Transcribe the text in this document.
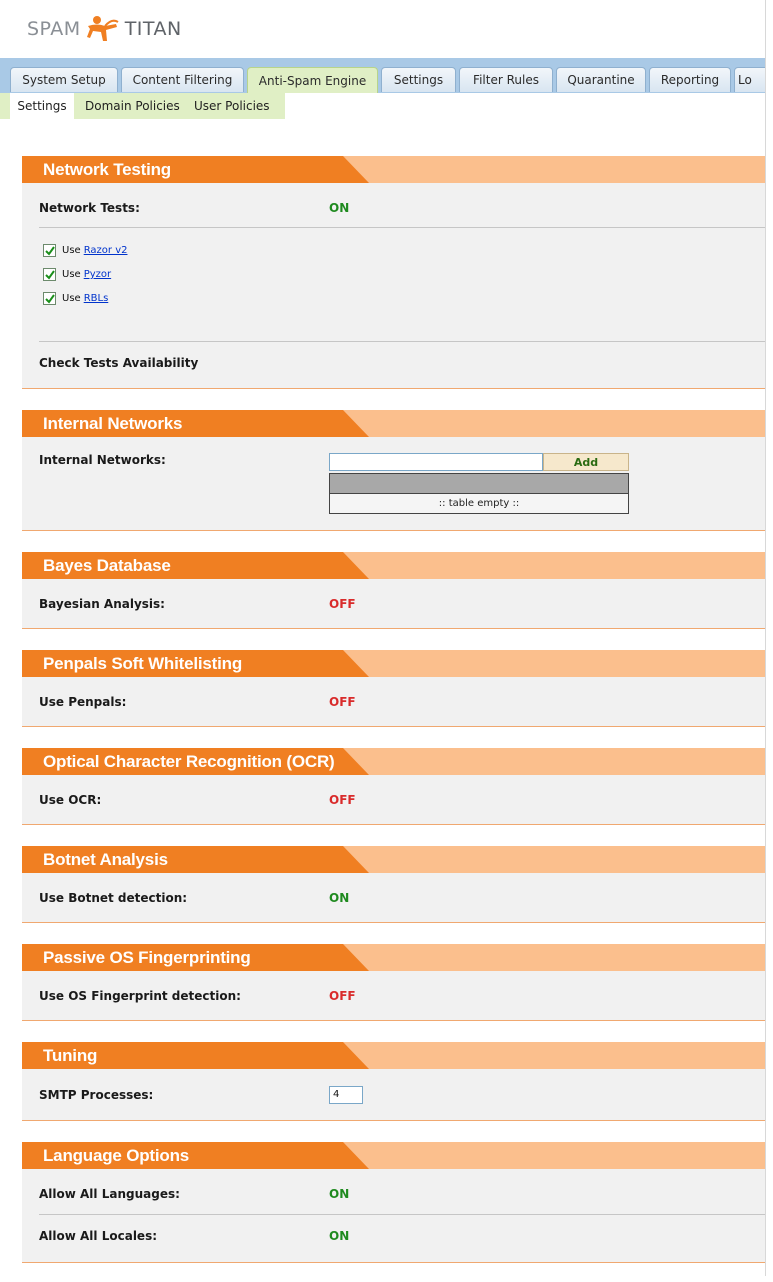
SPAM TITAN
System Setup	Content Filtering	Anti-Spam Engine	Settings	Filter Rules	Quarantine	Reporting	Lo
Settings	Domain Policies User Policies
Network Testing
Network Tests:	ON
Use Razor v2
Use Pyzor
Use RBLs
Check Tests Availability
Internal Networks
Internal Networks:	Add
:: table empty ::
Bayes Database
Bayesian Analysis:	OFF
Penpals Soft Whitelisting
Use Penpals:	OFF
Optical Character Recognition (OCR)
Use OCR:	OFF
Botnet Analysis
Use Botnet detection:	ON
Passive OS Fingerprinting
Use OS Fingerprint detection:	OFF
Tuning
SMTP Processes:	4
Language Options
Allow All Languages:	ON
Allow All Locales:	ON
